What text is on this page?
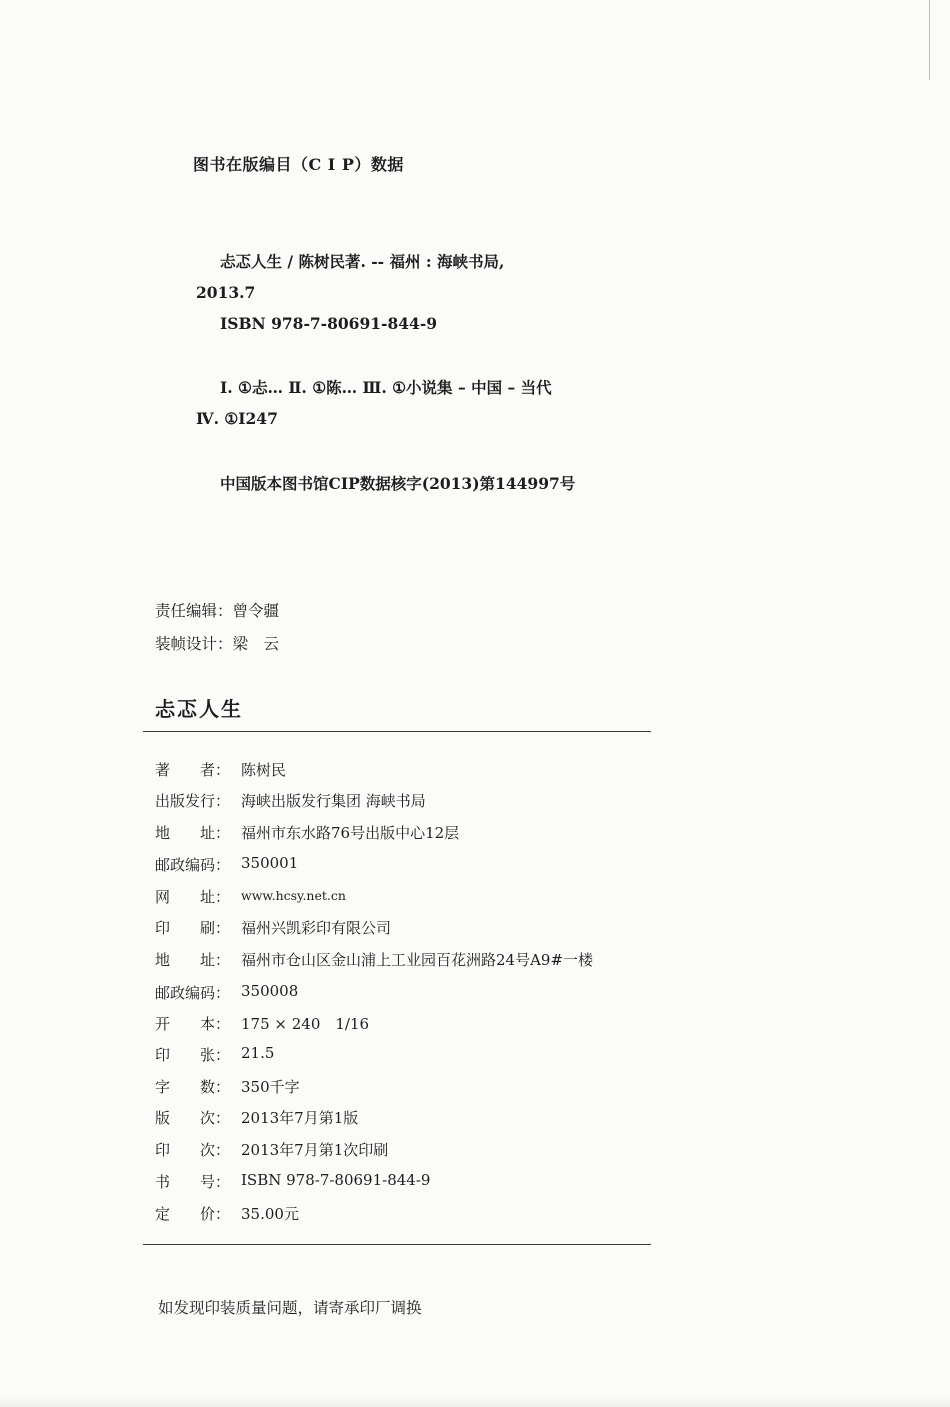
图书在版编目（C I P）数据
忐忑人生 / 陈树民著. -- 福州 : 海峡书局,
2013.7
ISBN 978-7-80691-844-9
Ⅰ. ①忐… Ⅱ. ①陈… Ⅲ. ①小说集 – 中国 – 当代
Ⅳ. ①I247
中国版本图书馆CIP数据核字(2013)第144997号
责任编辑：曾令疆
装帧设计：梁　云
忐忑人生
著　　者： 陈树民
出版发行： 海峡出版发行集团 海峡书局
地　　址： 福州市东水路76号出版中心12层
邮政编码： 350001
网　　址： www.hcsy.net.cn
印　　刷： 福州兴凯彩印有限公司
地　　址： 福州市仓山区金山浦上工业园百花洲路24号A9#一楼
邮政编码： 350008
开　　本： 175 × 240　1/16
印　　张： 21.5
字　　数： 350千字
版　　次： 2013年7月第1版
印　　次： 2013年7月第1次印刷
书　　号： ISBN 978-7-80691-844-9
定　　价： 35.00元
如发现印装质量问题，请寄承印厂调换
